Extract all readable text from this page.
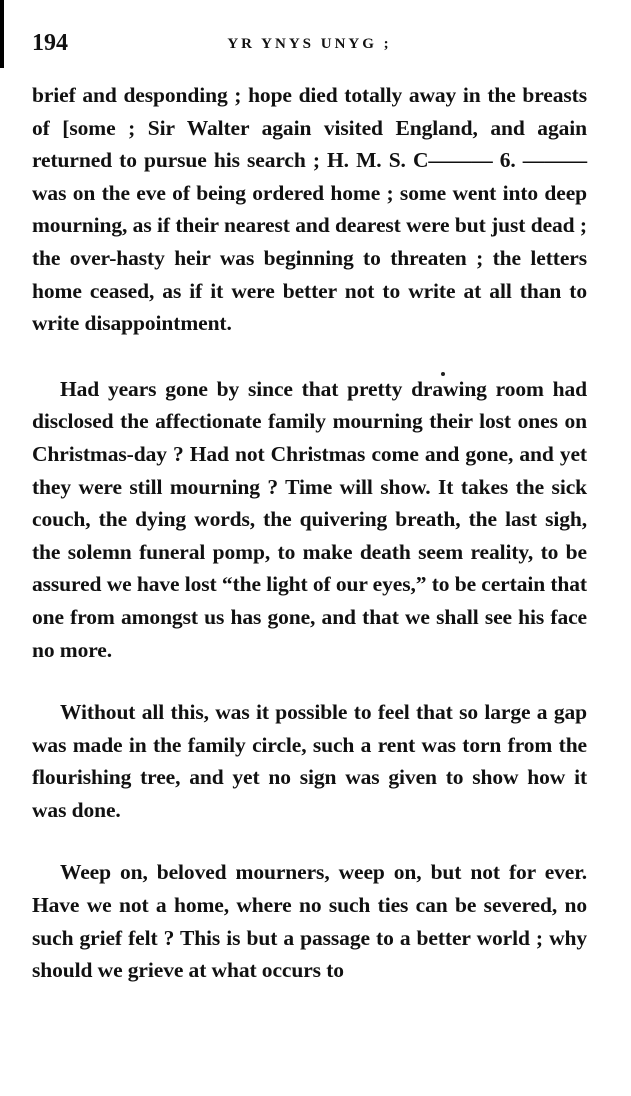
194	YR YNYS UNYG ;

brief and desponding ; hope died totally away in the breasts of [some ; Sir Walter again visited England, and again returned to pursue his search ; H. M. S. C——— 6. ——— was on the eve of being ordered home ; some went into deep mourning, as if their nearest and dearest were but just dead ; the over-hasty heir was beginning to threaten ; the letters home ceased, as if it were better not to write at all than to write disappointment.

Had years gone by since that pretty drawing room had disclosed the affectionate family mourning their lost ones on Christmas-day ? Had not Christmas come and gone, and yet they were still mourning ? Time will show. It takes the sick couch, the dying words, the quivering breath, the last sigh, the solemn funeral pomp, to make death seem reality, to be assured we have lost “the light of our eyes,” to be certain that one from amongst us has gone, and that we shall see his face no more.

Without all this, was it possible to feel that so large a gap was made in the family circle, such a rent was torn from the flourishing tree, and yet no sign was given to show how it was done.

Weep on, beloved mourners, weep on, but not for ever. Have we not a home, where no such ties can be severed, no such grief felt ? This is but a passage to a better world ; why should we grieve at what occurs to
